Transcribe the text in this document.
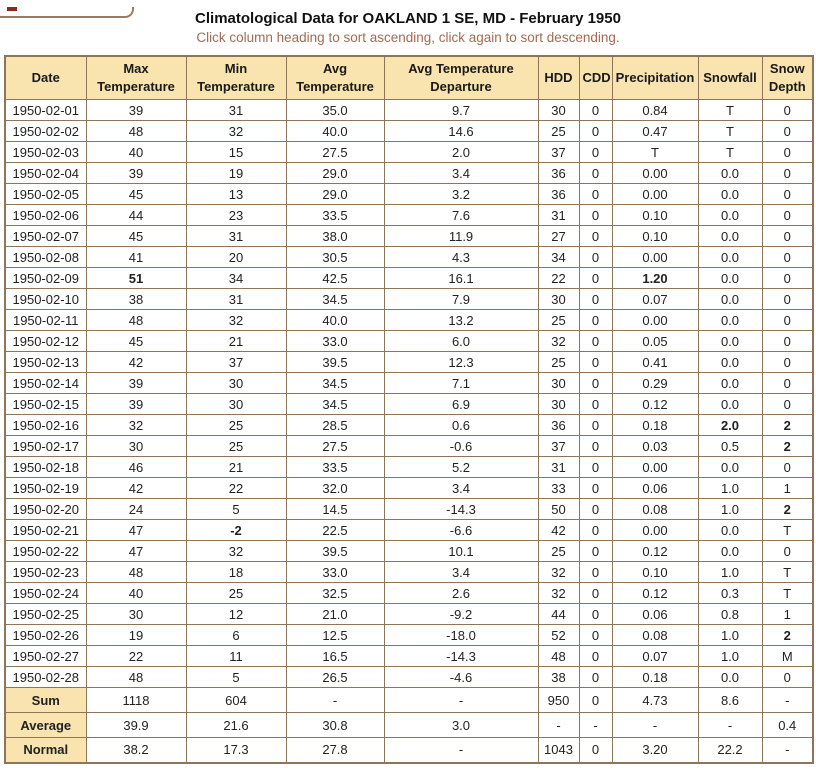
Climatological Data for OAKLAND 1 SE, MD - February 1950
Click column heading to sort ascending, click again to sort descending.
Date	Max Temperature	Min Temperature	Avg Temperature	Avg Temperature Departure	HDD	CDD	Precipitation	Snowfall	Snow Depth
1950-02-01	39	31	35.0	9.7	30	0	0.84	T	0
1950-02-02	48	32	40.0	14.6	25	0	0.47	T	0
1950-02-03	40	15	27.5	2.0	37	0	T	T	0
1950-02-04	39	19	29.0	3.4	36	0	0.00	0.0	0
1950-02-05	45	13	29.0	3.2	36	0	0.00	0.0	0
1950-02-06	44	23	33.5	7.6	31	0	0.10	0.0	0
1950-02-07	45	31	38.0	11.9	27	0	0.10	0.0	0
1950-02-08	41	20	30.5	4.3	34	0	0.00	0.0	0
1950-02-09	51	34	42.5	16.1	22	0	1.20	0.0	0
1950-02-10	38	31	34.5	7.9	30	0	0.07	0.0	0
1950-02-11	48	32	40.0	13.2	25	0	0.00	0.0	0
1950-02-12	45	21	33.0	6.0	32	0	0.05	0.0	0
1950-02-13	42	37	39.5	12.3	25	0	0.41	0.0	0
1950-02-14	39	30	34.5	7.1	30	0	0.29	0.0	0
1950-02-15	39	30	34.5	6.9	30	0	0.12	0.0	0
1950-02-16	32	25	28.5	0.6	36	0	0.18	2.0	2
1950-02-17	30	25	27.5	-0.6	37	0	0.03	0.5	2
1950-02-18	46	21	33.5	5.2	31	0	0.00	0.0	0
1950-02-19	42	22	32.0	3.4	33	0	0.06	1.0	1
1950-02-20	24	5	14.5	-14.3	50	0	0.08	1.0	2
1950-02-21	47	-2	22.5	-6.6	42	0	0.00	0.0	T
1950-02-22	47	32	39.5	10.1	25	0	0.12	0.0	0
1950-02-23	48	18	33.0	3.4	32	0	0.10	1.0	T
1950-02-24	40	25	32.5	2.6	32	0	0.12	0.3	T
1950-02-25	30	12	21.0	-9.2	44	0	0.06	0.8	1
1950-02-26	19	6	12.5	-18.0	52	0	0.08	1.0	2
1950-02-27	22	11	16.5	-14.3	48	0	0.07	1.0	M
1950-02-28	48	5	26.5	-4.6	38	0	0.18	0.0	0
Sum	1118	604	-	-	950	0	4.73	8.6	-
Average	39.9	21.6	30.8	3.0	-	-	-	-	0.4
Normal	38.2	17.3	27.8	-	1043	0	3.20	22.2	-
